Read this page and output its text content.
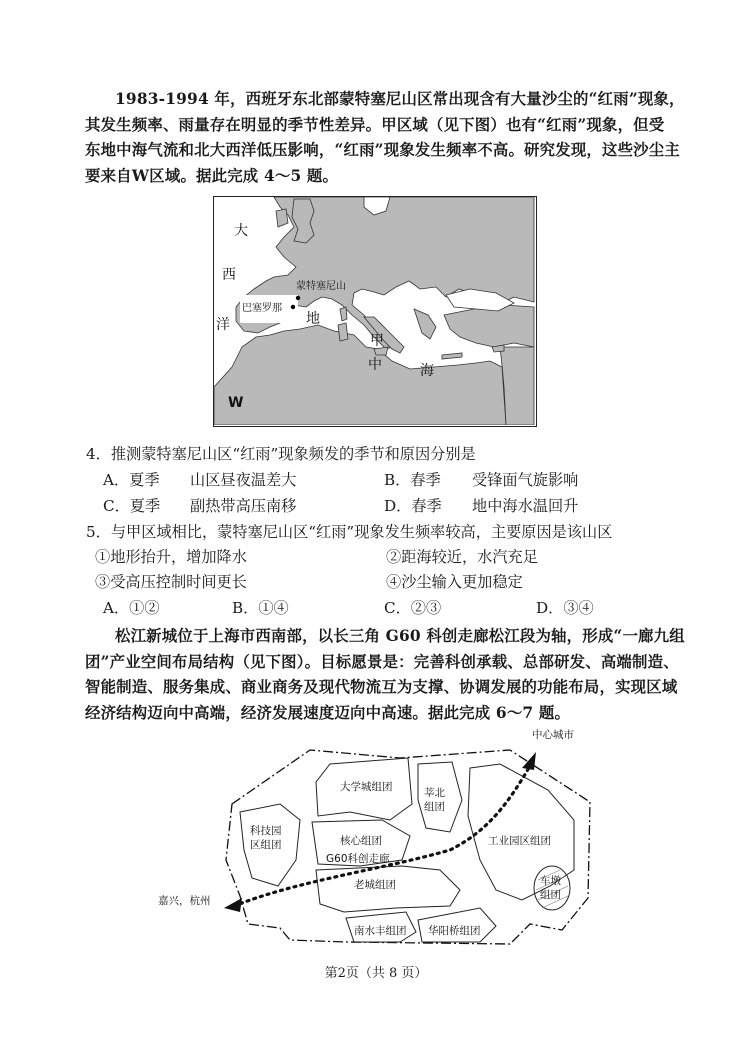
1983-1994 年，西班牙东北部蒙特塞尼山区常出现含有大量沙尘的“红雨”现象，
其发生频率、雨量存在明显的季节性差异。甲区域（见下图）也有“红雨”现象，但受
东地中海气流和北大西洋低压影响，“红雨”现象发生频率不高。研究发现，这些沙尘主
要来自W区域。据此完成 4～5 题。
大
西
洋	地
甲
中	海
W
蒙特塞尼山
巴塞罗那
4．推测蒙特塞尼山区“红雨”现象频发的季节和原因分别是
A．夏季 山区昼夜温差大	B．春季 受锋面气旋影响
C．夏季 副热带高压南移	D．春季 地中海水温回升
5．与甲区域相比，蒙特塞尼山区“红雨”现象发生频率较高，主要原因是该山区
①地形抬升，增加降水	②距海较近，水汽充足
③受高压控制时间更长	④沙尘输入更加稳定
A．①②	B．①④	C．②③	D．③④
松江新城位于上海市西南部，以长三角 G60 科创走廊松江段为轴，形成“一廊九组
团”产业空间布局结构（见下图）。目标愿景是：完善科创承载、总部研发、高端制造、
智能制造、服务集成、商业商务及现代物流互为支撑、协调发展的功能布局，实现区域
经济结构迈向中高端，经济发展速度迈向中高速。据此完成 6～7 题。
中心城市
大学城组团	莘北
组团
科技园
区组团	核心组团
G60科创走廊
工业园区组团
老城组团	车墩
组团
嘉兴，杭州
南水丰组团 华阳桥组团
第2页（共 8 页）
